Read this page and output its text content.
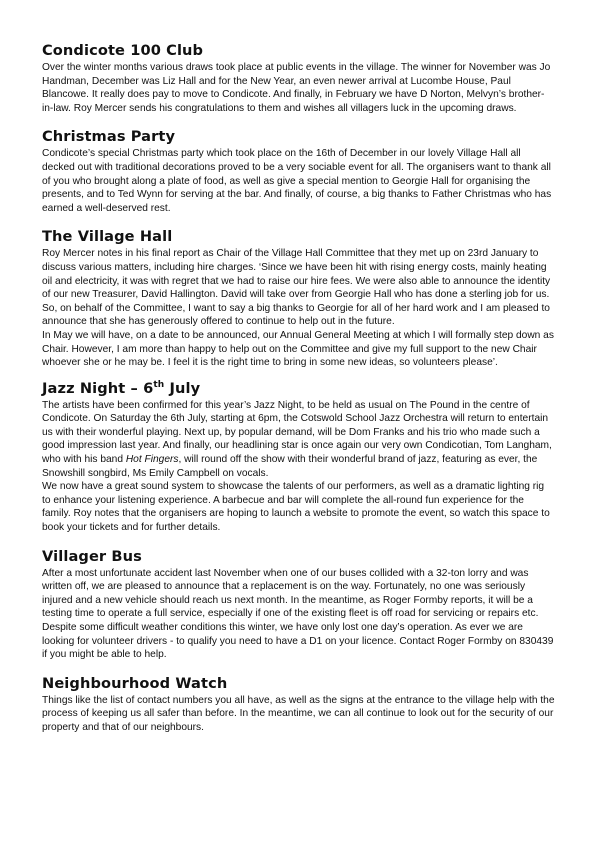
Condicote 100 Club

Over the winter months various draws took place at public events in the village. The winner for November was Jo Handman, December was Liz Hall and for the New Year, an even newer arrival at Lucombe House, Paul Blancowe. It really does pay to move to Condicote. And finally, in February we have D Norton, Melvyn’s brother-in-law. Roy Mercer sends his congratulations to them and wishes all villagers luck in the upcoming draws.

Christmas Party

Condicote’s special Christmas party which took place on the 16th of December in our lovely Village Hall all decked out with traditional decorations proved to be a very sociable event for all. The organisers want to thank all of you who brought along a plate of food, as well as give a special mention to Georgie Hall for organising the presents, and to Ted Wynn for serving at the bar. And finally, of course, a big thanks to Father Christmas who has earned a well-deserved rest.

The Village Hall

Roy Mercer notes in his final report as Chair of the Village Hall Committee that they met up on 23rd January to discuss various matters, including hire charges. ‘Since we have been hit with rising energy costs, mainly heating oil and electricity, it was with regret that we had to raise our hire fees. We were also able to announce the identity of our new Treasurer, David Hallington. David will take over from Georgie Hall who has done a sterling job for us. So, on behalf of the Committee, I want to say a big thanks to Georgie for all of her hard work and I am pleased to announce that she has generously offered to continue to help out in the future.

In May we will have, on a date to be announced, our Annual General Meeting at which I will formally step down as Chair. However, I am more than happy to help out on the Committee and give my full support to the new Chair whoever she or he may be. I feel it is the right time to bring in some new ideas, so volunteers please’.

Jazz Night – 6th July

The artists have been confirmed for this year’s Jazz Night, to be held as usual on The Pound in the centre of Condicote. On Saturday the 6th July, starting at 6pm, the Cotswold School Jazz Orchestra will return to entertain us with their wonderful playing. Next up, by popular demand, will be Dom Franks and his trio who made such a good impression last year. And finally, our headlining star is once again our very own Condicotian, Tom Langham, who with his band Hot Fingers, will round off the show with their wonderful brand of jazz, featuring as ever, the Snowshill songbird, Ms Emily Campbell on vocals.

We now have a great sound system to showcase the talents of our performers, as well as a dramatic lighting rig to enhance your listening experience. A barbecue and bar will complete the all-round fun experience for the family. Roy notes that the organisers are hoping to launch a website to promote the event, so watch this space to book your tickets and for further details.

Villager Bus

After a most unfortunate accident last November when one of our buses collided with a 32-ton lorry and was written off, we are pleased to announce that a replacement is on the way. Fortunately, no one was seriously injured and a new vehicle should reach us next month. In the meantime, as Roger Formby reports, it will be a testing time to operate a full service, especially if one of the existing fleet is off road for servicing or repairs etc. Despite some difficult weather conditions this winter, we have only lost one day’s operation. As ever we are looking for volunteer drivers - to qualify you need to have a D1 on your licence. Contact Roger Formby on 830439 if you might be able to help.

Neighbourhood Watch

Things like the list of contact numbers you all have, as well as the signs at the entrance to the village help with the process of keeping us all safer than before. In the meantime, we can all continue to look out for the security of our property and that of our neighbours.
